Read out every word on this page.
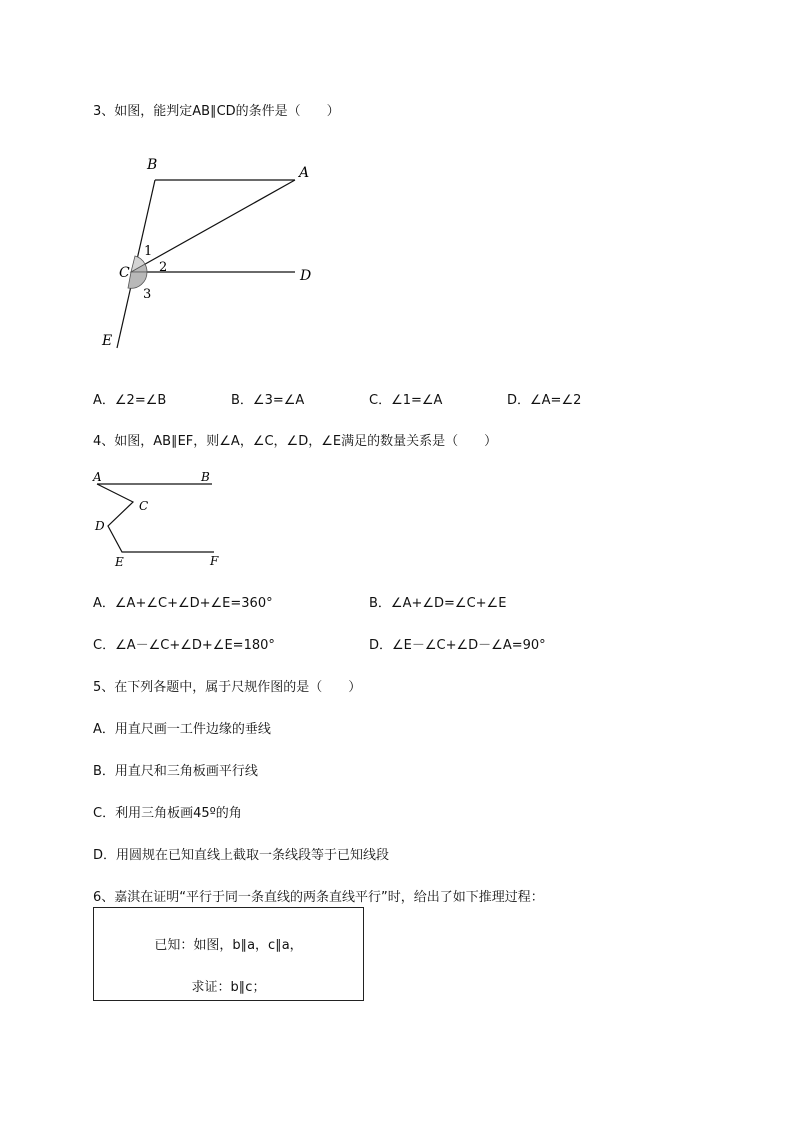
3、如图，能判定AB∥CD的条件是（　　）
B	A
C	D
E
1
2
3
A．∠2=∠B	B．∠3=∠A	C．∠1=∠A	D．∠A=∠2
4、如图，AB∥EF，则∠A，∠C，∠D，∠E满足的数量关系是（　　）
A	B
C
D
E	F
A．∠A+∠C+∠D+∠E=360°	B．∠A+∠D=∠C+∠E
C．∠A－∠C+∠D+∠E=180°	D．∠E－∠C+∠D－∠A=90°
5、在下列各题中，属于尺规作图的是（　　）
A．用直尺画一工件边缘的垂线
B．用直尺和三角板画平行线
C．利用三角板画45º的角
D．用圆规在已知直线上截取一条线段等于已知线段
6、嘉淇在证明“平行于同一条直线的两条直线平行”时，给出了如下推理过程：
已知：如图，b∥a，c∥a，
求证：b∥c；
